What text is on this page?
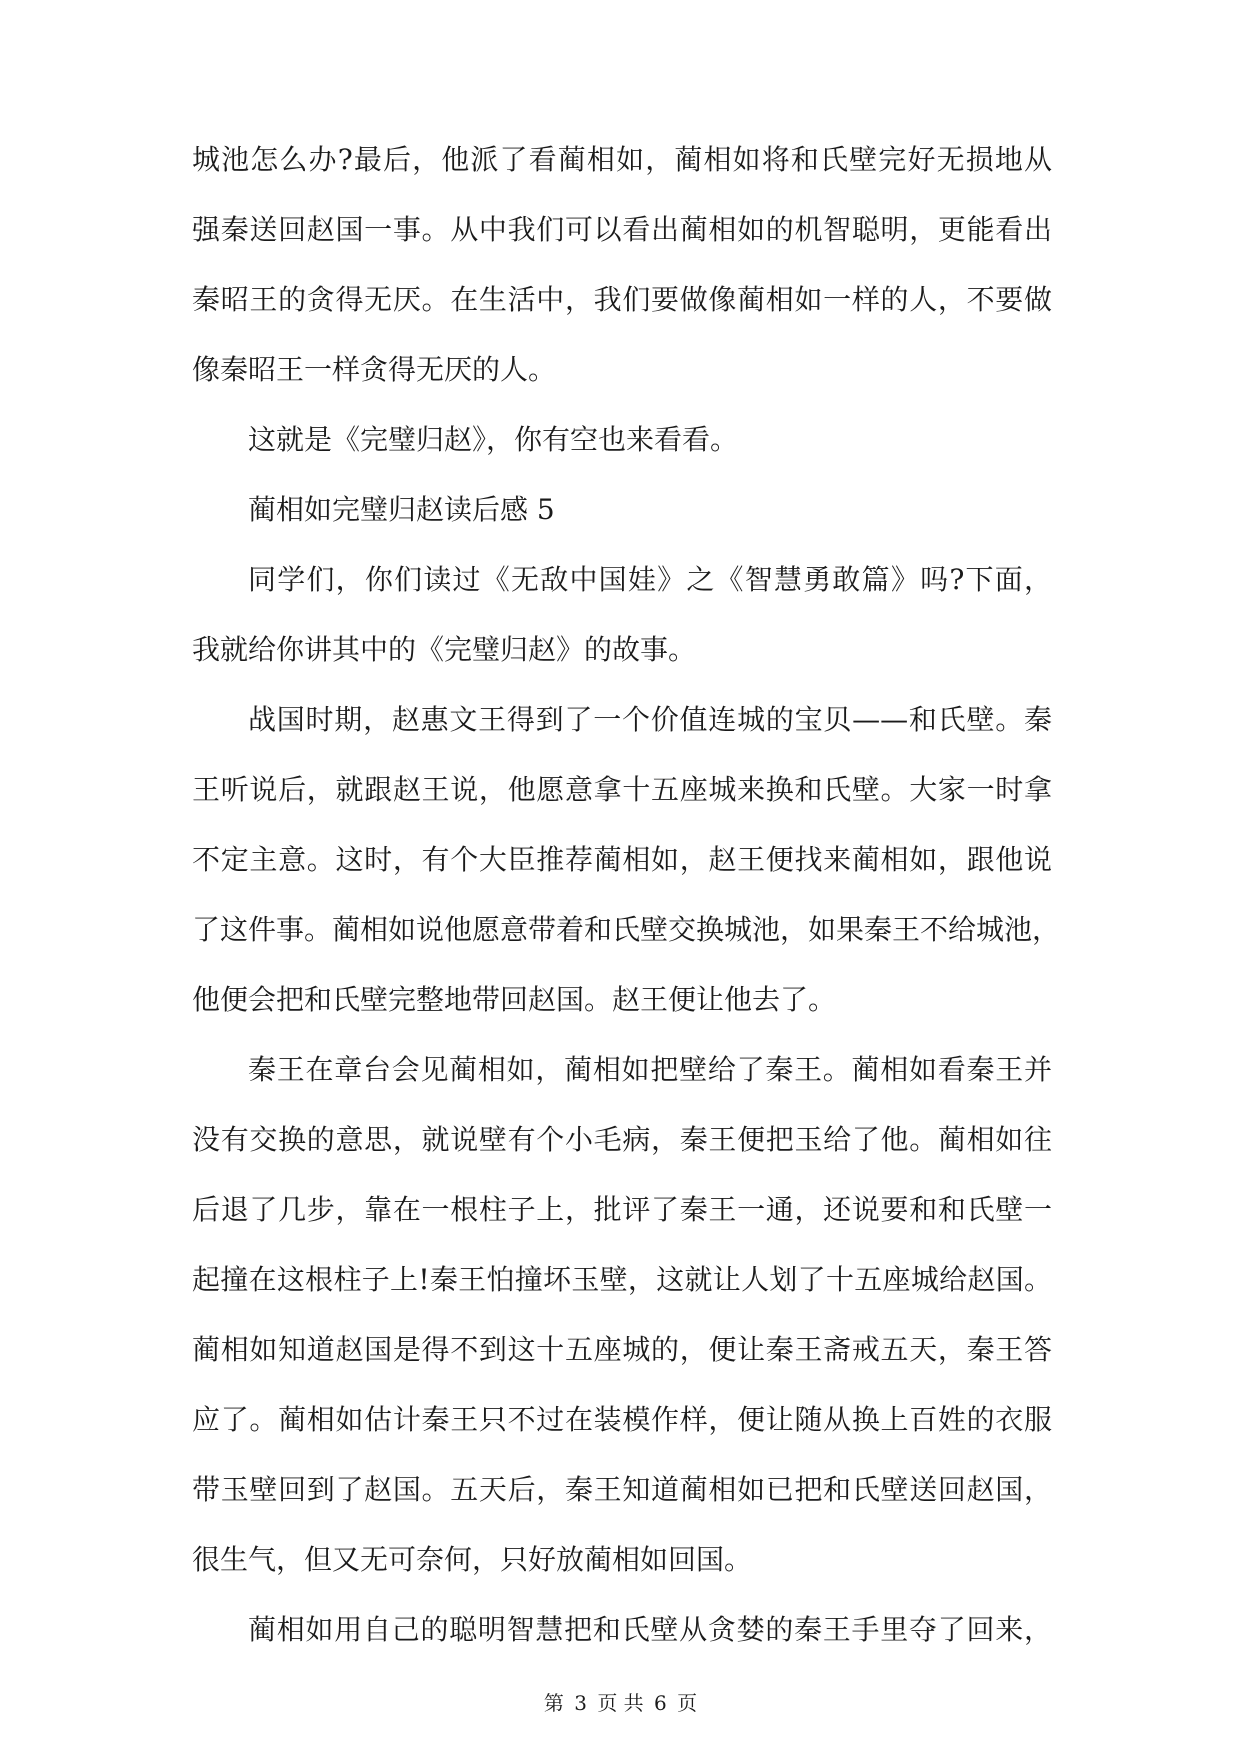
城池怎么办?最后，他派了看蔺相如，蔺相如将和氏壁完好无损地从
强秦送回赵国一事。从中我们可以看出蔺相如的机智聪明，更能看出
秦昭王的贪得无厌。在生活中，我们要做像蔺相如一样的人，不要做
像秦昭王一样贪得无厌的人。
这就是《完璧归赵》，你有空也来看看。
蔺相如完璧归赵读后感 5
同学们，你们读过《无敌中国娃》之《智慧勇敢篇》吗?下面，
我就给你讲其中的《完璧归赵》的故事。
战国时期，赵惠文王得到了一个价值连城的宝贝——和氏壁。秦
王听说后，就跟赵王说，他愿意拿十五座城来换和氏壁。大家一时拿
不定主意。这时，有个大臣推荐蔺相如，赵王便找来蔺相如，跟他说
了这件事。蔺相如说他愿意带着和氏壁交换城池，如果秦王不给城池，
他便会把和氏壁完整地带回赵国。赵王便让他去了。
秦王在章台会见蔺相如，蔺相如把壁给了秦王。蔺相如看秦王并
没有交换的意思，就说壁有个小毛病，秦王便把玉给了他。蔺相如往
后退了几步，靠在一根柱子上，批评了秦王一通，还说要和和氏壁一
起撞在这根柱子上!秦王怕撞坏玉壁，这就让人划了十五座城给赵国。
蔺相如知道赵国是得不到这十五座城的，便让秦王斋戒五天，秦王答
应了。蔺相如估计秦王只不过在装模作样，便让随从换上百姓的衣服
带玉壁回到了赵国。五天后，秦王知道蔺相如已把和氏壁送回赵国，
很生气，但又无可奈何，只好放蔺相如回国。
蔺相如用自己的聪明智慧把和氏壁从贪婪的秦王手里夺了回来，
第 3 页 共 6 页
